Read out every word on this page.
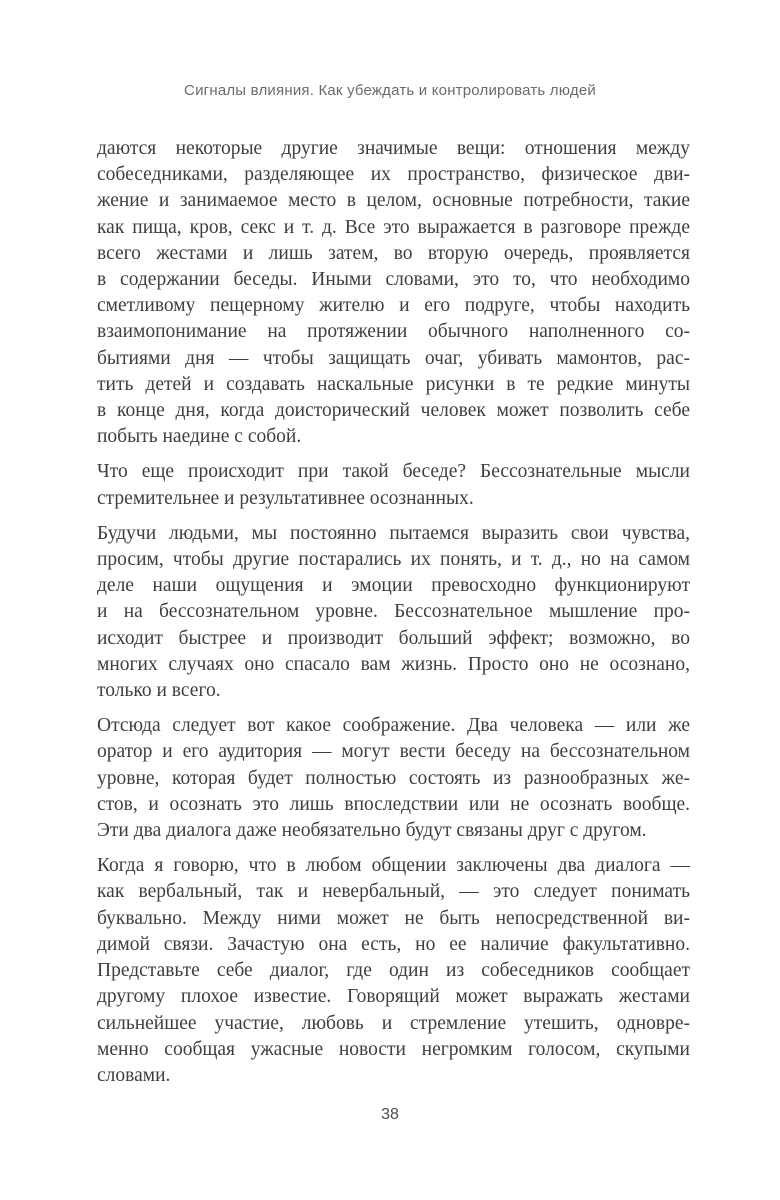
Сигналы влияния. Как убеждать и контролировать людей
даются некоторые другие значимые вещи: отношения между
собеседниками, разделяющее их пространство, физическое дви-
жение и занимаемое место в целом, основные потребности, такие
как пища, кров, секс и т. д. Все это выражается в разговоре прежде
всего жестами и лишь затем, во вторую очередь, проявляется
в содержании беседы. Иными словами, это то, что необходимо
сметливому пещерному жителю и его подруге, чтобы находить
взаимопонимание на протяжении обычного наполненного со-
бытиями дня — чтобы защищать очаг, убивать мамонтов, рас-
тить детей и создавать наскальные рисунки в те редкие минуты
в конце дня, когда доисторический человек может позволить себе
побыть наедине с собой.
Что еще происходит при такой беседе? Бессознательные мысли
стремительнее и результативнее осознанных.
Будучи людьми, мы постоянно пытаемся выразить свои чувства,
просим, чтобы другие постарались их понять, и т. д., но на самом
деле наши ощущения и эмоции превосходно функционируют
и на бессознательном уровне. Бессознательное мышление про-
исходит быстрее и производит больший эффект; возможно, во
многих случаях оно спасало вам жизнь. Просто оно не осознано,
только и всего.
Отсюда следует вот какое соображение. Два человека — или же
оратор и его аудитория — могут вести беседу на бессознательном
уровне, которая будет полностью состоять из разнообразных же-
стов, и осознать это лишь впоследствии или не осознать вообще.
Эти два диалога даже необязательно будут связаны друг с другом.
Когда я говорю, что в любом общении заключены два диалога —
как вербальный, так и невербальный, — это следует понимать
буквально. Между ними может не быть непосредственной ви-
димой связи. Зачастую она есть, но ее наличие факультативно.
Представьте себе диалог, где один из собеседников сообщает
другому плохое известие. Говорящий может выражать жестами
сильнейшее участие, любовь и стремление утешить, одновре-
менно сообщая ужасные новости негромким голосом, скупыми
словами.
38
